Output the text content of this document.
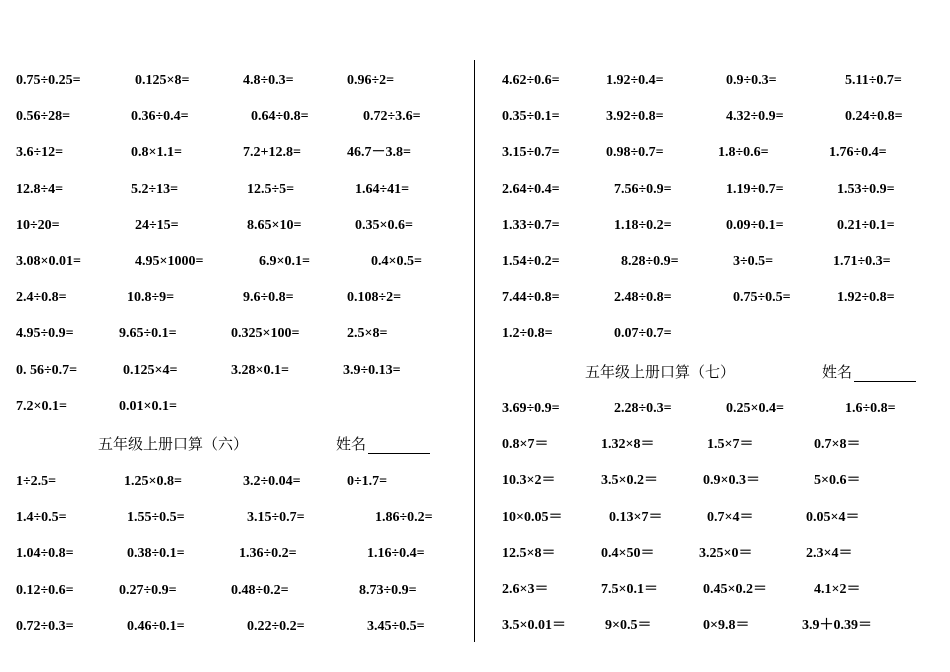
0.75÷0.25=	0.125×8=	4.8÷0.3=	0.96÷2=
0.56÷28=	0.36÷0.4=	0.64÷0.8=	0.72÷3.6=
3.6÷12=	0.8×1.1=	7.2+12.8=	46.7－3.8=
12.8÷4=	5.2÷13=	12.5÷5=	1.64÷41=
10÷20=	24÷15=	8.65×10=	0.35×0.6=
3.08×0.01=	4.95×1000=	6.9×0.1=	0.4×0.5=
2.4÷0.8=	10.8÷9=	9.6÷0.8=	0.108÷2=
4.95÷0.9=	9.65÷0.1=	0.325×100=	2.5×8=
0. 56÷0.7=	0.125×4=	3.28×0.1=	3.9÷0.13=
7.2×0.1=	0.01×0.1=
五年级上册口算（六）	姓名
1÷2.5=	1.25×0.8=	3.2÷0.04=	0÷1.7=
1.4÷0.5=	1.55÷0.5=	3.15÷0.7=	1.86÷0.2=
1.04÷0.8=	0.38÷0.1=	1.36÷0.2=	1.16÷0.4=
0.12÷0.6=	0.27÷0.9=	0.48÷0.2=	8.73÷0.9=
0.72÷0.3=	0.46÷0.1=	0.22÷0.2=	3.45÷0.5=
4.62÷0.6=	1.92÷0.4=	0.9÷0.3=	5.11÷0.7=
0.35÷0.1=	3.92÷0.8=	4.32÷0.9=	0.24÷0.8=
3.15÷0.7=	0.98÷0.7=	1.8÷0.6=	1.76÷0.4=
2.64÷0.4=	7.56÷0.9=	1.19÷0.7=	1.53÷0.9=
1.33÷0.7=	1.18÷0.2=	0.09÷0.1=	0.21÷0.1=
1.54÷0.2=	8.28÷0.9=	3÷0.5=	1.71÷0.3=
7.44÷0.8=	2.48÷0.8=	0.75÷0.5=	1.92÷0.8=
1.2÷0.8=	0.07÷0.7=
五年级上册口算（七）	姓名
3.69÷0.9=	2.28÷0.3=	0.25×0.4=	1.6÷0.8=
0.8×7＝	1.32×8＝	1.5×7＝	0.7×8＝
10.3×2＝	3.5×0.2＝	0.9×0.3＝	5×0.6＝
10×0.05＝	0.13×7＝	0.7×4＝	0.05×4＝
12.5×8＝	0.4×50＝	3.25×0＝	2.3×4＝
2.6×3＝	7.5×0.1＝	0.45×0.2＝	4.1×2＝
3.5×0.01＝	9×0.5＝	0×9.8＝	3.9＋0.39＝
